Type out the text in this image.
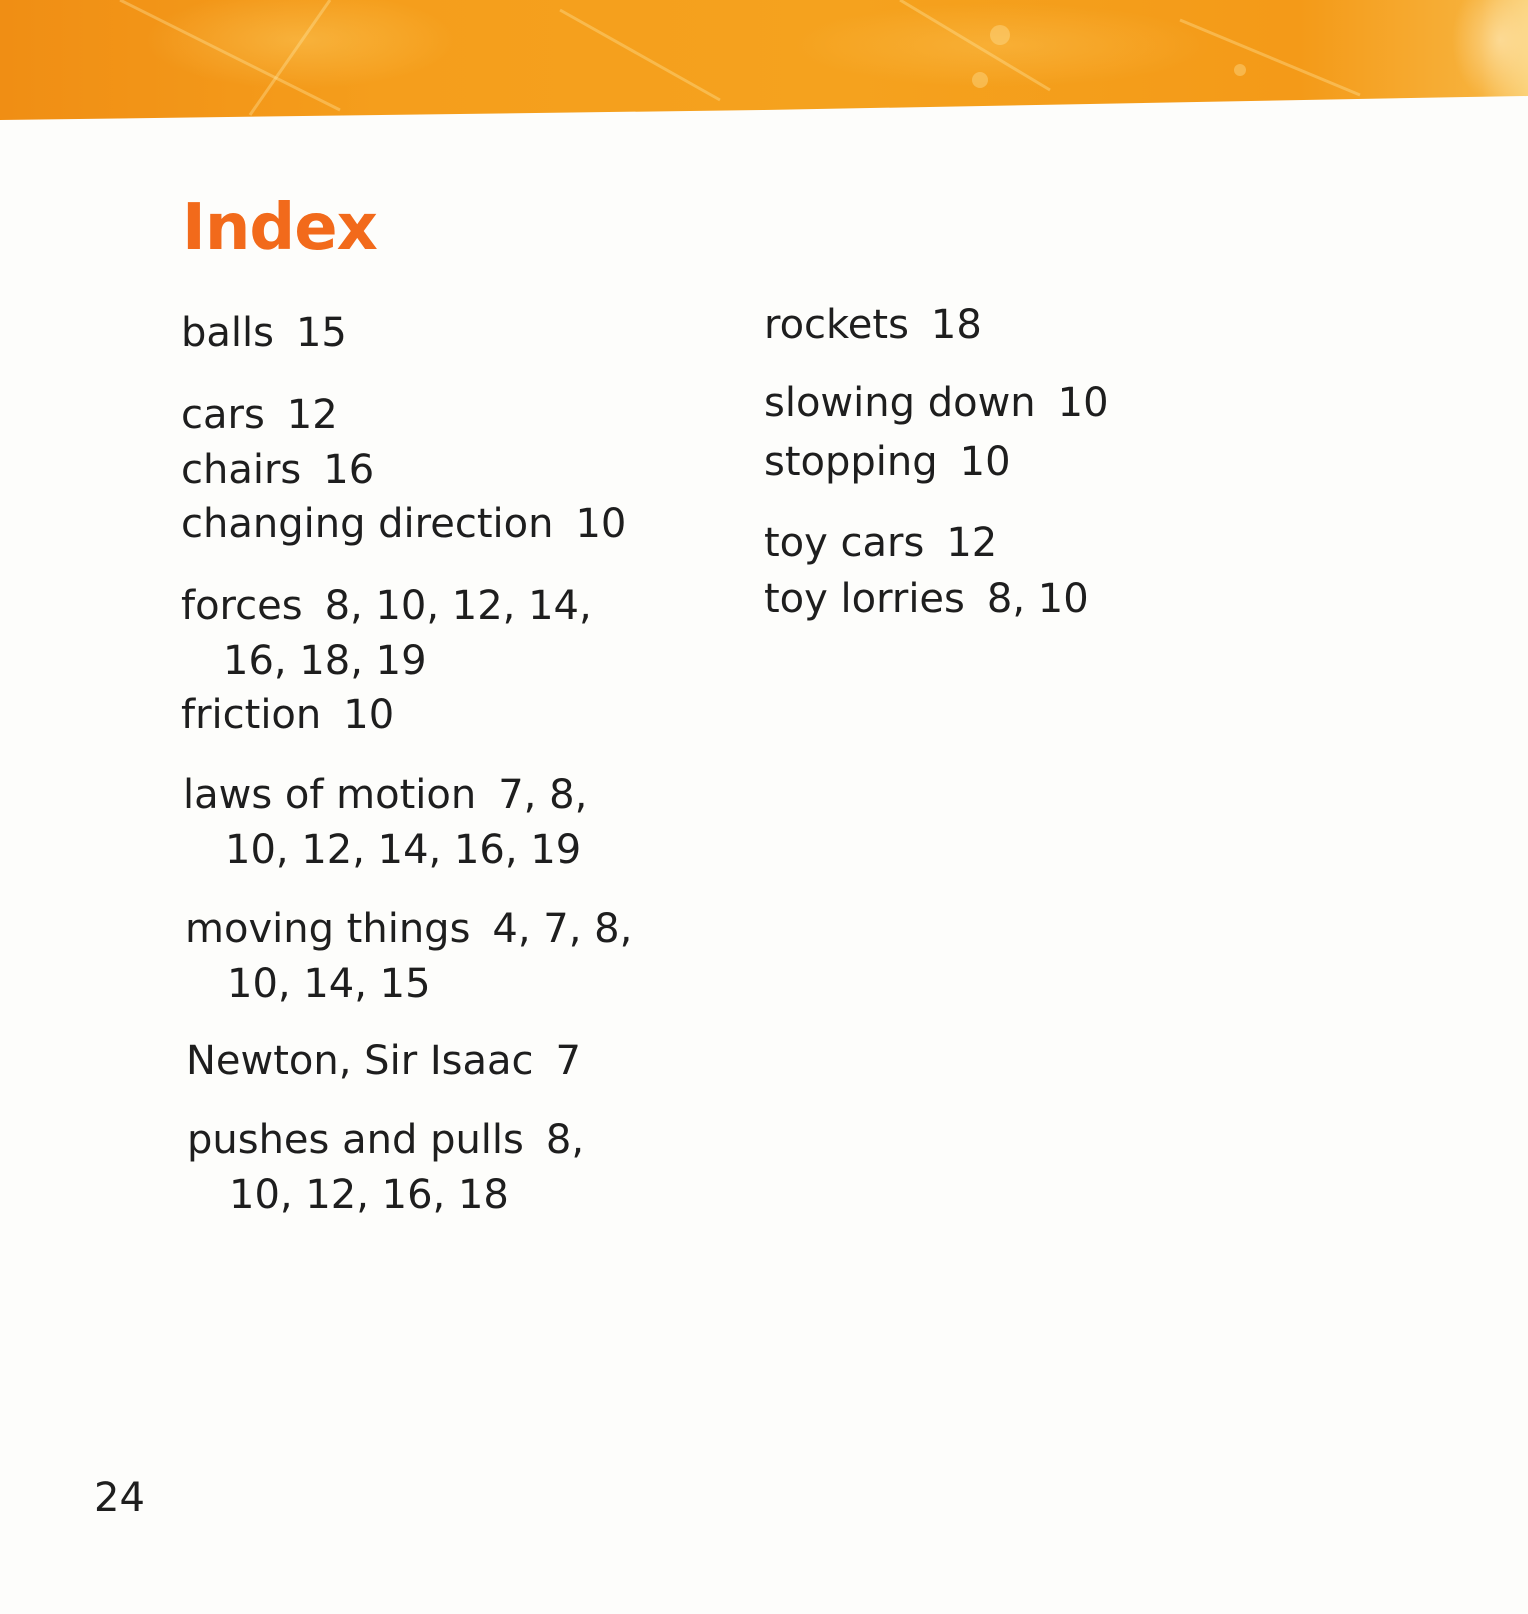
Index

balls 15

cars 12

chairs 16

changing direction 10

forces 8, 10, 12, 14,
16, 18, 19

friction 10

laws of motion 7, 8,
10, 12, 14, 16, 19

moving things 4, 7, 8,
10, 14, 15

Newton, Sir Isaac 7

pushes and pulls 8,
10, 12, 16, 18

rockets 18

slowing down 10

stopping 10

toy cars 12

toy lorries 8, 10

24
